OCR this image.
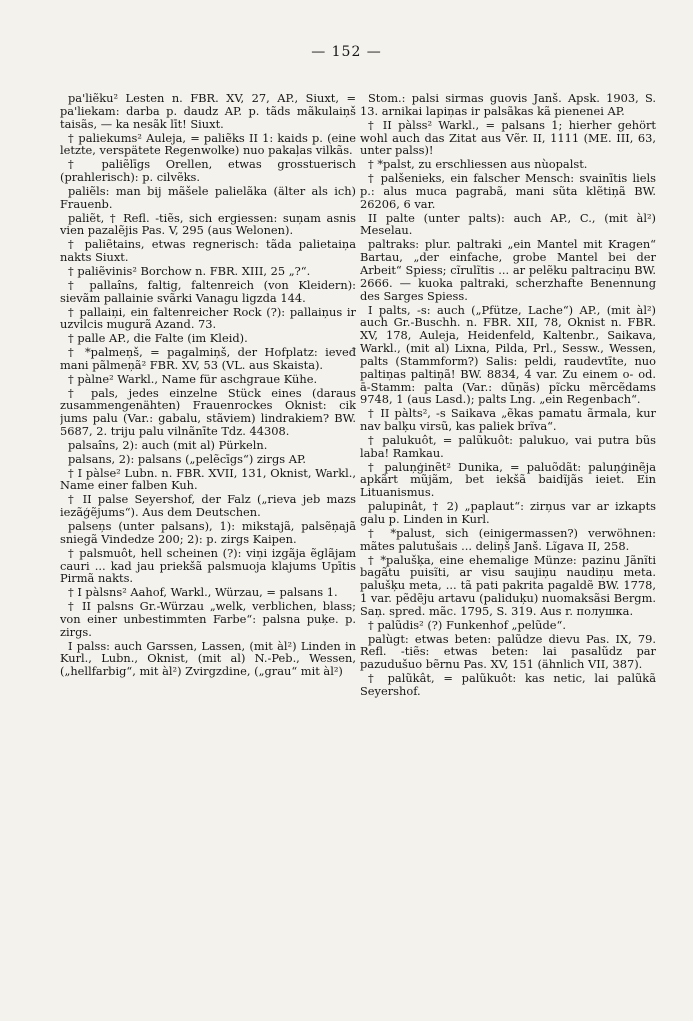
— 152 —

pa'liẽku² Lesten n. FBR. XV, 27, AP., Siuxt, = pa'liekam: darba p. daudz AP. p. tãds mãkulaiņš taisãs, — ka nesãk līt! Siuxt.

† paliekums² Auleja, = paliẽks II 1: kaids p. (eine letzte, verspätete Regenwolke) nuo pakaļas vilkãs.

† paliẽlīgs Orellen, etwas grosstuerisch (prahlerisch): p. cilvẽks.

paliẽls: man bij mãšele palielãka (älter als ich) Frauenb.

paliẽt, † Refl. -tiẽs, sich ergiessen: suņam asnis vien pazalẽjis Pas. V, 295 (aus Welonen).

† paliẽtains, etwas regnerisch: tãda palietaiņa nakts Siuxt.

† paliẽvinis² Borchow n. FBR. XIII, 25 „?“.

† pallaîns, faltig, faltenreich (von Kleidern): sievãm pallainie svãrki Vanagu ligzda 144.

† pallaiņi, ein faltenreicher Rock (?): pallaiņus ir uzvilcis mugurã Azand. 73.

† palle AP., die Falte (im Kleid).

† *palmeņš, = pagalmiņš, der Hofplatz: ieveđ mani pãlmeņã² FBR. XV, 53 (VL. aus Skaista).

† pàlne² Warkl., Name für aschgraue Kühe.

† pals, jedes einzelne Stück eines (daraus zusammengenähten) Frauenrockes Oknist: cik jums palu (Var.: gabalu, stãviem) lindrakiem? BW. 5687, 2. triju palu vilnãnīte Tdz. 44308.

palsaîns, 2): auch (mit al) Pürkeln.

palsans, 2): palsans („pelẽcīgs“) zirgs AP.

† I pàlse² Lubn. n. FBR. XVII, 131, Oknist, Warkl., Name einer falben Kuh.

† II palse Seyershof, der Falz („rieva jeb mazs iezãģẽjums“). Aus dem Deutschen.

palseņs (unter palsans), 1): mikstajã, palsẽņajã sniegã Vindedze 200; 2): p. zirgs Kaipen.

† palsmuôt, hell scheinen (?): viņi izgãja ẽglãjam cauri ... kad jau priekšã palsmuoja klajums Upītis Pirmã nakts.

† I pàlsns² Aahof, Warkl., Würzau, = palsans 1.

† II palsns Gr.-Würzau „welk, verblichen, blass; von einer unbestimmten Farbe“: palsna puķe. p. zirgs.

I palss: auch Garssen, Lassen, (mit àl²) Linden in Kurl., Lubn., Oknist, (mit al) N.-Peb., Wessen, („hellfarbig“, mit àl²) Zvirgzdine, („grau“ mit àl²)

Stom.: palsi sirmas guovis Janš. Apsk. 1903, S. 13. arnikai lapiņas ir palsãkas kã pienenei AP.

† II pàlss² Warkl., = palsans 1; hierher gehört wohl auch das Zitat aus Vẽr. II, 1111 (ME. III, 63, unter palss)!

† *palst, zu erschliessen aus nùopalst.

† palšenieks, ein falscher Mensch: svainītis liels p.: alus muca pagrabã, mani sũta klẽtiņã BW. 26206, 6 var.

II palte (unter palts): auch AP., C., (mit àl²) Meselau.

paltraks: plur. paltraki „ein Mantel mit Kragen“ Bartau, „der einfache, grobe Mantel bei der Arbeit“ Spiess; cĩrulĩtis ... ar pelẽku paltraciņu BW. 2666. — kuoka paltraki, scherzhafte Benennung des Sarges Spiess.

I palts, -s: auch („Pfütze, Lache“) AP., (mit àl²) auch Gr.-Buschh. n. FBR. XII, 78, Oknist n. FBR. XV, 178, Auleja, Heidenfeld, Kaltenbr., Saikava, Warkl., (mit al) Lixna, Pilda, Prl., Sessw., Wessen, palts (Stammform?) Salis: peldi, raudevtīte, nuo paltiņas paltiņã! BW. 8834, 4 var. Zu einem o- od. ā-Stamm: palta (Var.: dũņãs) pĩcku mẽrcẽdams 9748, 1 (aus Lasd.); palts Lng. „ein Regenbach“.

† II pàlts², -s Saikava „ẽkas pamatu ãrmala, kur nav balķu virsũ, kas paliek brĩva“.

† palukuôt, = palũkuôt: palukuo, vai putra bũs laba! Ramkau.

† paluņģinẽt² Dunika, = paluõdãt: paluņģinẽja apkãrt mũjãm, bet iekšã baidĩjãs ieiet. Ein Lituanismus.

palupinât, † 2) „paplaut“: zirņus var ar izkapts galu p. Linden in Kurl.

† *palust, sich (einigermassen?) verwöhnen: mãtes palutušais ... deliņš Janš. Lĩgava II, 258.

† *palušķa, eine ehemalige Münze: pazinu Jãnĩti bagãtu puisĩti, ar visu saujiņu naudiņu meta. palušķu meta, ... tã pati pakrita pagaldẽ BW. 1778, 1 var. pẽdẽju artavu (paliduķu) nuomaksãsi Bergm. Saņ. spred. mãc. 1795, S. 319. Aus r. полушка.

† palũdis² (?) Funkenhof „pelũde“.

palùgt: etwas beten: palũdze dievu Pas. IX, 79. Refl. -tiẽs: etwas beten: lai pasalũdz par pazudušuo bẽrnu Pas. XV, 151 (ähnlich VII, 387).

† palũkât, = palũkuôt: kas netic, lai palũkã Seyershof.
